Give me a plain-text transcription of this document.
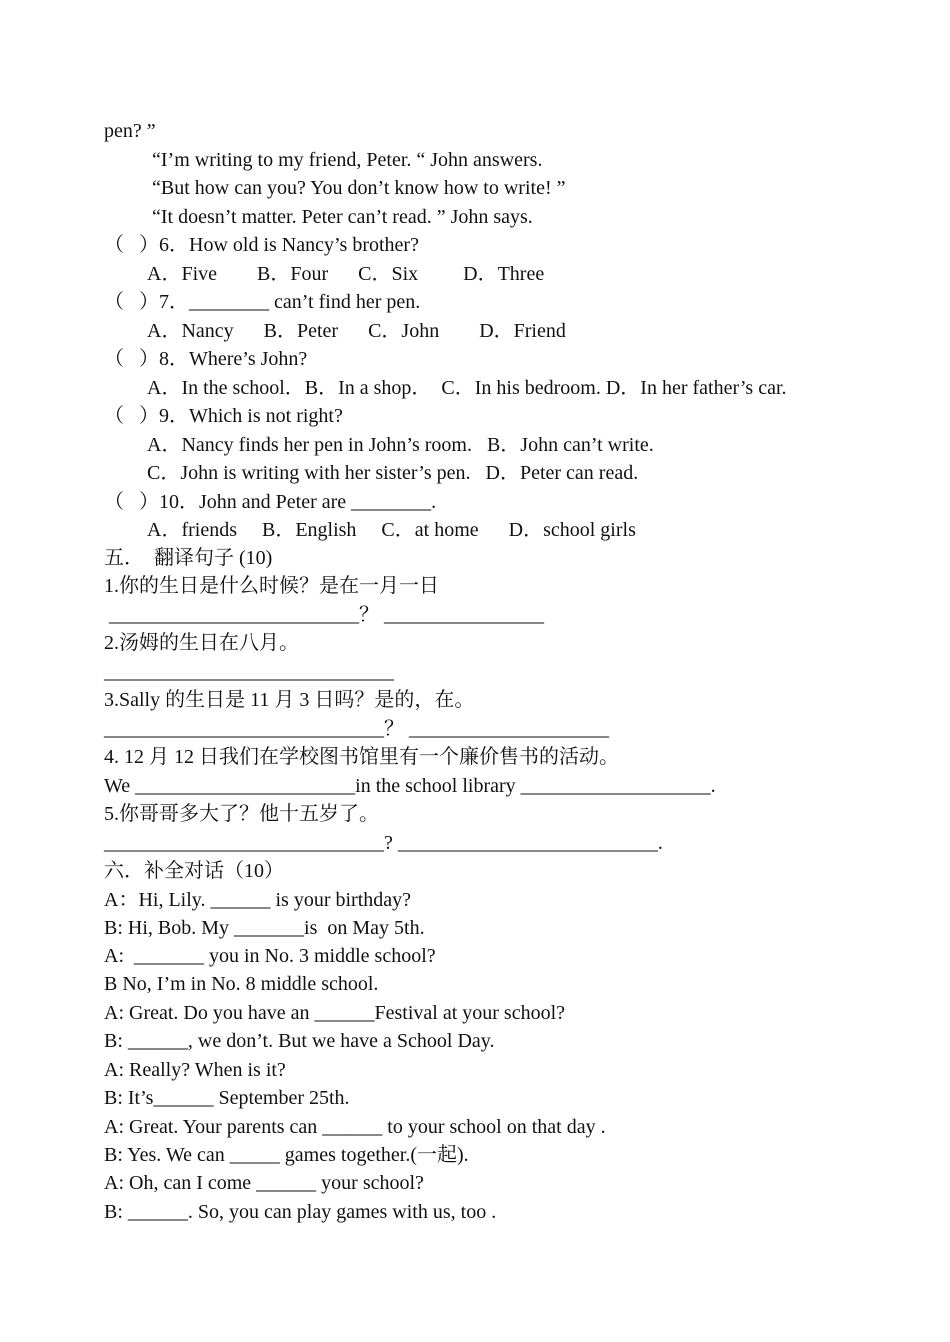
pen? ”
“I’m writing to my friend, Peter. “ John answers.
“But how can you? You don’t know how to write! ”
“It doesn’t matter. Peter can’t read. ” John says.
（   ）6．How old is Nancy’s brother?
A．Five        B．Four      C．Six         D．Three
（   ）7．________ can’t find her pen.
A．Nancy      B．Peter      C．John        D．Friend
（   ）8．Where’s John?
A．In the school．B．In a shop．  C．In his bedroom. D．In her father’s car.
（   ）9．Which is not right?
A．Nancy finds her pen in John’s room.   B．John can’t write.
C．John is writing with her sister’s pen.   D．Peter can read.
（   ）10．John and Peter are ________.
A．friends     B．English     C．at home      D．school girls
五．  翻译句子 (10)
1.你的生日是什么时候？是在一月一日
_________________________？ ________________
2.汤姆的生日在八月。
_____________________________
3.Sally 的生日是 11 月 3 日吗？是的，在。
____________________________？ ____________________
4. 12 月 12 日我们在学校图书馆里有一个廉价售书的活动。
We ______________________in the school library ___________________.
5.你哥哥多大了？他十五岁了。
____________________________? __________________________.
六．补全对话（10）
A：Hi, Lily. ______ is your birthday?
B: Hi, Bob. My _______is  on May 5th.
A:  _______ you in No. 3 middle school?
B No, I’m in No. 8 middle school.
A: Great. Do you have an ______Festival at your school?
B: ______, we don’t. But we have a School Day.
A: Really? When is it?
B: It’s______ September 25th.
A: Great. Your parents can ______ to your school on that day .
B: Yes. We can _____ games together.(一起).
A: Oh, can I come ______ your school?
B: ______. So, you can play games with us, too .
